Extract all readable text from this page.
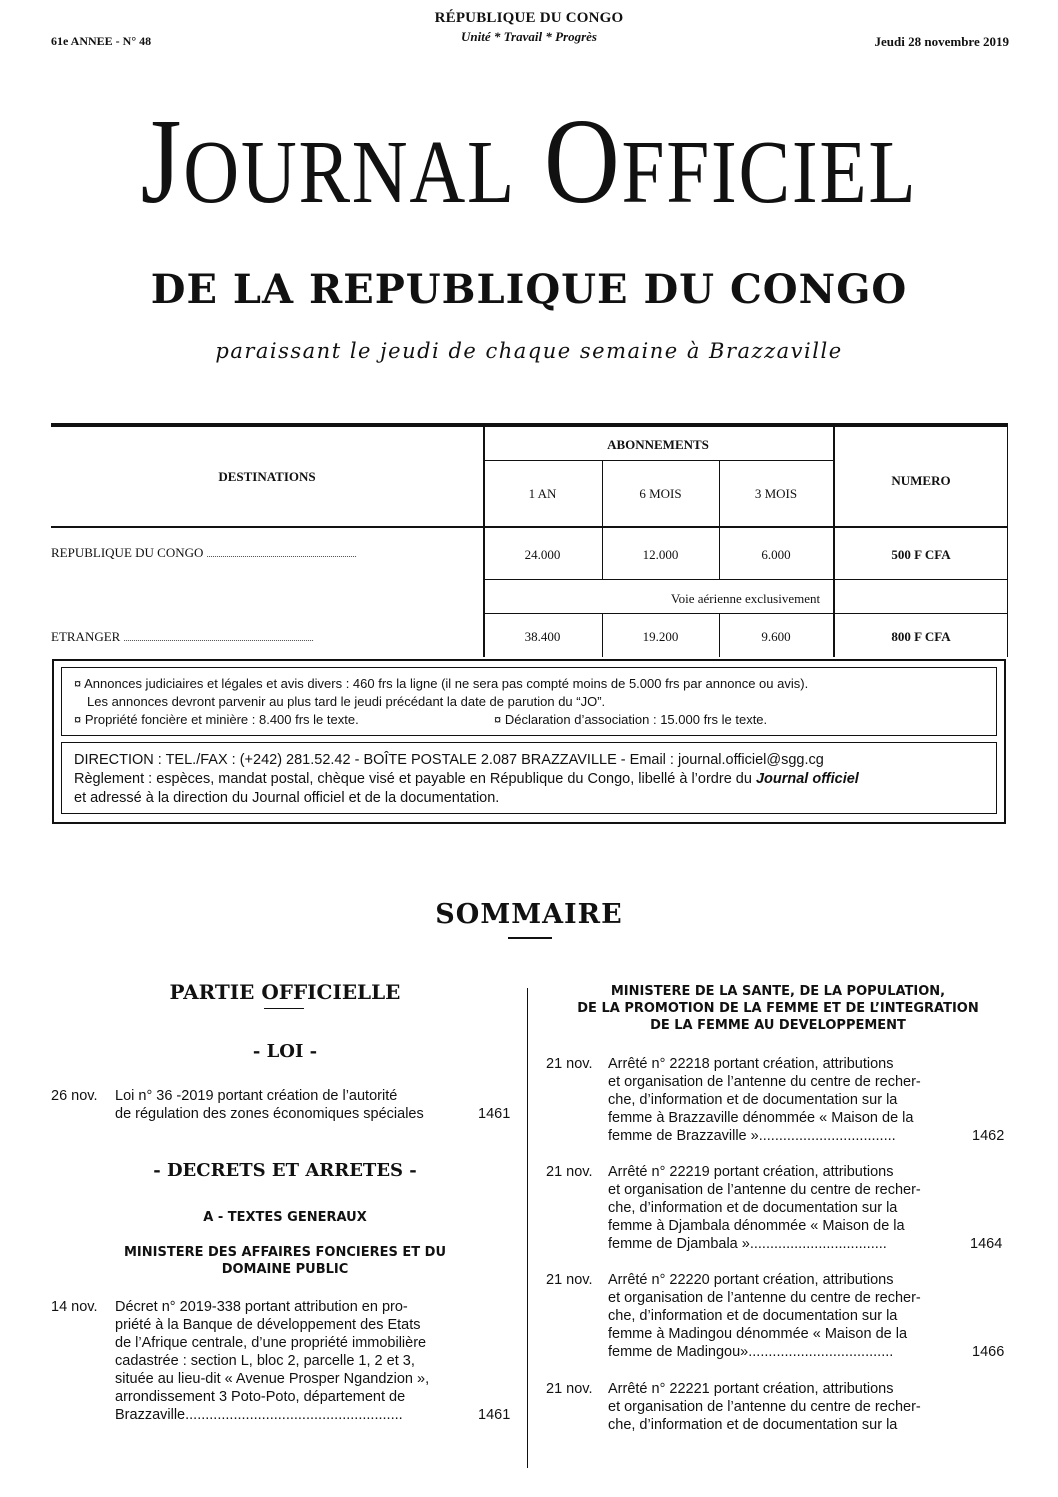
61e ANNEE - N° 48
RÉPUBLIQUE DU CONGO
Unité * Travail * Progrès	Jeudi 28 novembre 2019
JOURNAL OFFICIEL
DE LA REPUBLIQUE DU CONGO
paraissant le jeudi de chaque semaine à Brazzaville
DESTINATIONS
ABONNEMENTS
NUMERO
1 AN	6 MOIS	3 MOIS
REPUBLIQUE DU CONGO ...........................................................................	24.000	12.000	6.000	500 F CFA
Voie aérienne exclusivement
ETRANGER ...............................................................................................	38.400	19.200	9.600	800 F CFA
¤ Annonces judiciaires et légales et avis divers : 460 frs la ligne (il ne sera pas compté moins de 5.000 frs par annonce ou avis).
Les annonces devront parvenir au plus tard le jeudi précédant la date de parution du “JO”.
¤ Propriété foncière et minière : 8.400 frs le texte.	¤ Déclaration d’association : 15.000 frs le texte.
DIRECTION : TEL./FAX : (+242) 281.52.42 - BOÎTE POSTALE 2.087 BRAZZAVILLE - Email : journal.officiel@sgg.cg
Règlement : espèces, mandat postal, chèque visé et payable en République du Congo, libellé à l’ordre du Journal officiel
et adressé à la direction du Journal officiel et de la documentation.
SOMMAIRE
PARTIE OFFICIELLE
- LOI -
26 nov. Loi n° 36 -2019 portant création de l’autorité
de régulation des zones économiques spéciales	1461
- DECRETS ET ARRETES -
A - TEXTES GENERAUX
MINISTERE DES AFFAIRES FONCIERES ET DU
DOMAINE PUBLIC
14 nov. Décret n° 2019-338 portant attribution en pro-
priété à la Banque de développement des Etats
de l’Afrique centrale, d’une propriété immobilière
cadastrée : section L, bloc 2, parcelle 1, 2 et 3,
située au lieu-dit « Avenue Prosper Ngandzion »,
arrondissement 3 Poto-Poto, département de
Brazzaville......................................................	1461
MINISTERE DE LA SANTE, DE LA POPULATION,
DE LA PROMOTION DE LA FEMME ET DE L’INTEGRATION
DE LA FEMME AU DEVELOPPEMENT
21 nov. Arrêté n° 22218 portant création, attributions
et organisation de l’antenne du centre de recher-
che, d’information et de documentation sur la
femme à Brazzaville dénommée « Maison de la
femme de Brazzaville »..................................	1462
21 nov. Arrêté n° 22219 portant création, attributions
et organisation de l’antenne du centre de recher-
che, d’information et de documentation sur la
femme à Djambala dénommée « Maison de la
femme de Djambala »..................................	1464
21 nov. Arrêté n° 22220 portant création, attributions
et organisation de l’antenne du centre de recher-
che, d’information et de documentation sur la
femme à Madingou dénommée « Maison de la
femme de Madingou»....................................	1466
21 nov. Arrêté n° 22221 portant création, attributions
et organisation de l’antenne du centre de recher-
che, d’information et de documentation sur la
